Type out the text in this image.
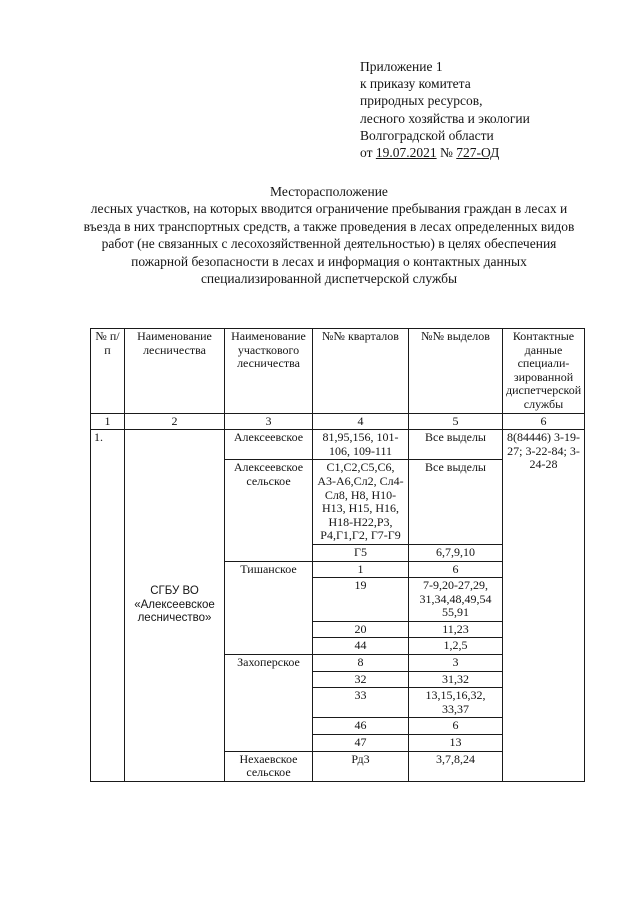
Приложение 1
к приказу комитета
природных ресурсов,
лесного хозяйства и экологии
Волгоградской области
от 19.07.2021 № 727-ОД
Месторасположение
лесных участков, на которых вводится ограничение пребывания граждан в лесах и въезда в них транспортных средств, а также проведения в лесах определенных видов работ (не связанных с лесохозяйственной деятельностью) в целях обеспечения пожарной безопасности в лесах и информация о контактных данных специализированной диспетчерской службы
№ п/п	Наименование лесничества	Наименование участкового лесничества	№№ кварталов	№№ выделов	Контактные данные специали-зированной диспетчерской службы
1	2	3	4	5	6
1.	СГБУ ВО «Алексеевское лесничество»	Алексеевское	81,95,156, 101-106, 109-111	Все выделы	8(84446) 3-19-27; 3-22-84; 3-24-28
		Алексеевское сельское	С1,С2,С5,С6, А3-А6,Сл2, Сл4-Сл8, Н8, Н10-Н13, Н15, Н16, Н18-Н22,Р3, Р4,Г1,Г2, Г7-Г9	Все выделы	
			Г5	6,7,9,10	
		Тишанское	1	6	
			19	7-9,20-27,29, 31,34,48,49,54 55,91	
			20	11,23	
			44	1,2,5	
		Захоперское	8	3	
			32	31,32	
			33	13,15,16,32, 33,37	
			46	6	
			47	13	
		Нехаевское сельское	Рд3	3,7,8,24	
